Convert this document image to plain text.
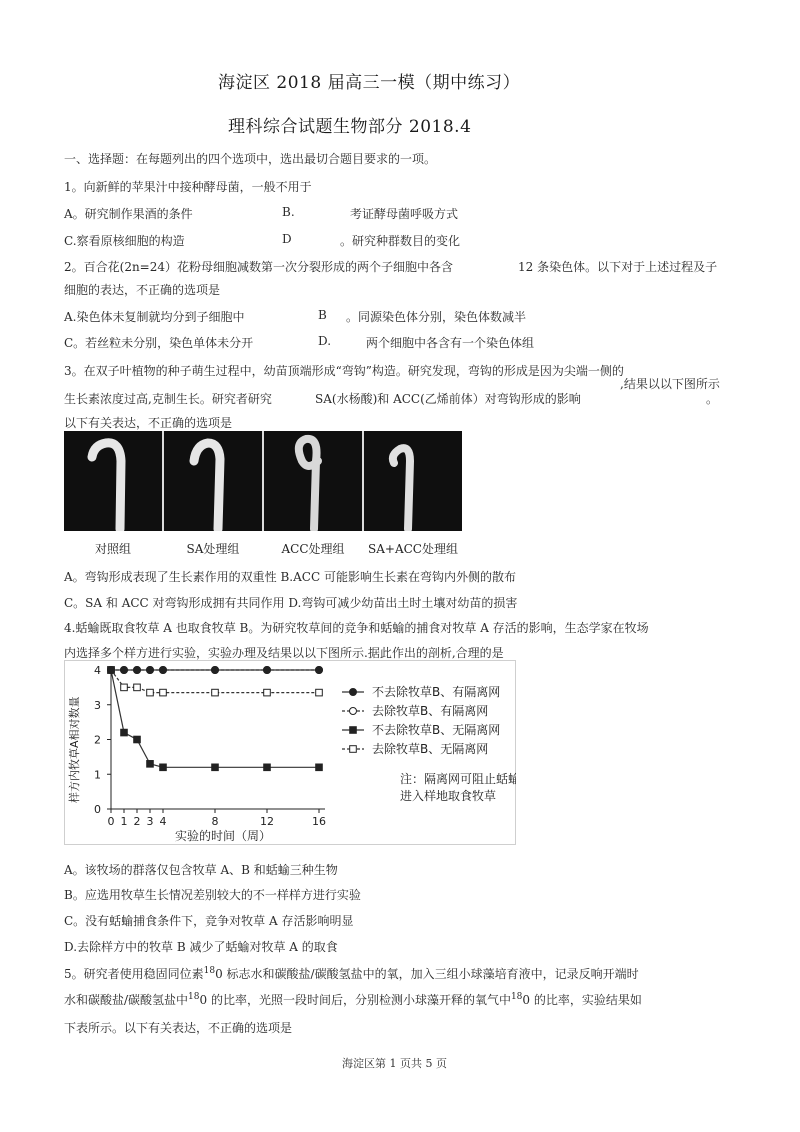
海淀区 2018 届高三一模（期中练习）
理科综合试题生物部分 2018.4
一、选择题：在每题列出的四个选项中，选出最切合题目要求的一项。
1。向新鲜的苹果汁中接种酵母菌，一般不用于
A。研究制作果酒的条件	B.	考证酵母菌呼吸方式
C.察看原核细胞的构造	D	。研究种群数目的变化
2。百合花(2n=24）花粉母细胞减数第一次分裂形成的两个子细胞中各含	12 条染色体。以下对于上述过程及子
细胞的表达，不正确的选项是
A.染色体未复制就均分到子细胞中	B 。同源染色体分别，染色体数减半
C。若丝粒未分别，染色单体未分开	D.	两个细胞中各含有一个染色体组
3。在双子叶植物的种子萌生过程中，幼苗顶端形成“弯钩”构造。研究发现，弯钩的形成是因为尖端一侧的
生长素浓度过高,克制生长。研究者研究	SA(水杨酸)和 ACC(乙烯前体）对弯钩形成的影响
,结果以以下图所示
。
以下有关表达，不正确的选项是
对照组	SA处理组	ACC处理组	SA+ACC处理组
A。弯钩形成表现了生长素作用的双重性 B.ACC 可能影响生长素在弯钩内外侧的散布
C。SA 和 ACC 对弯钩形成拥有共同作用 D.弯钩可减少幼苗出土时土壤对幼苗的损害
4.蛞蝓既取食牧草 A 也取食牧草 B。为研究牧草间的竞争和蛞蝓的捕食对牧草 A 存活的影响，生态学家在牧场
内选择多个样方进行实验，实验办理及结果以以下图所示.据此作出的剖析,合理的是
0
1
2
3
4
0 1 2 3 4	8	12	16
不去除牧草B、有隔离网
去除牧草B、有隔离网
不去除牧草B、无隔离网
去除牧草B、无隔离网
注：隔离网可阻止蛞蝓
进入样地取食牧草
实验的时间（周）
样方内牧草A相对数量
A。该牧场的群落仅包含牧草 A、B 和蛞蝓三种生物
B。应选用牧草生长情况差别较大的不一样样方进行实验
C。没有蛞蝓捕食条件下，竞争对牧草 A 存活影响明显
D.去除样方中的牧草 B 减少了蛞蝓对牧草 A 的取食
5。研究者使用稳固同位素$^{18}$0 标志水和碳酸盐/碳酸氢盐中的氧，加入三组小球藻培育液中，记录反响开端时
水和碳酸盐/碳酸氢盐中$^{18}$0 的比率，光照一段时间后，分别检测小球藻开释的氧气中$^{18}$0 的比率，实验结果如
下表所示。以下有关表达，不正确的选项是
海淀区第 1 页共 5 页
